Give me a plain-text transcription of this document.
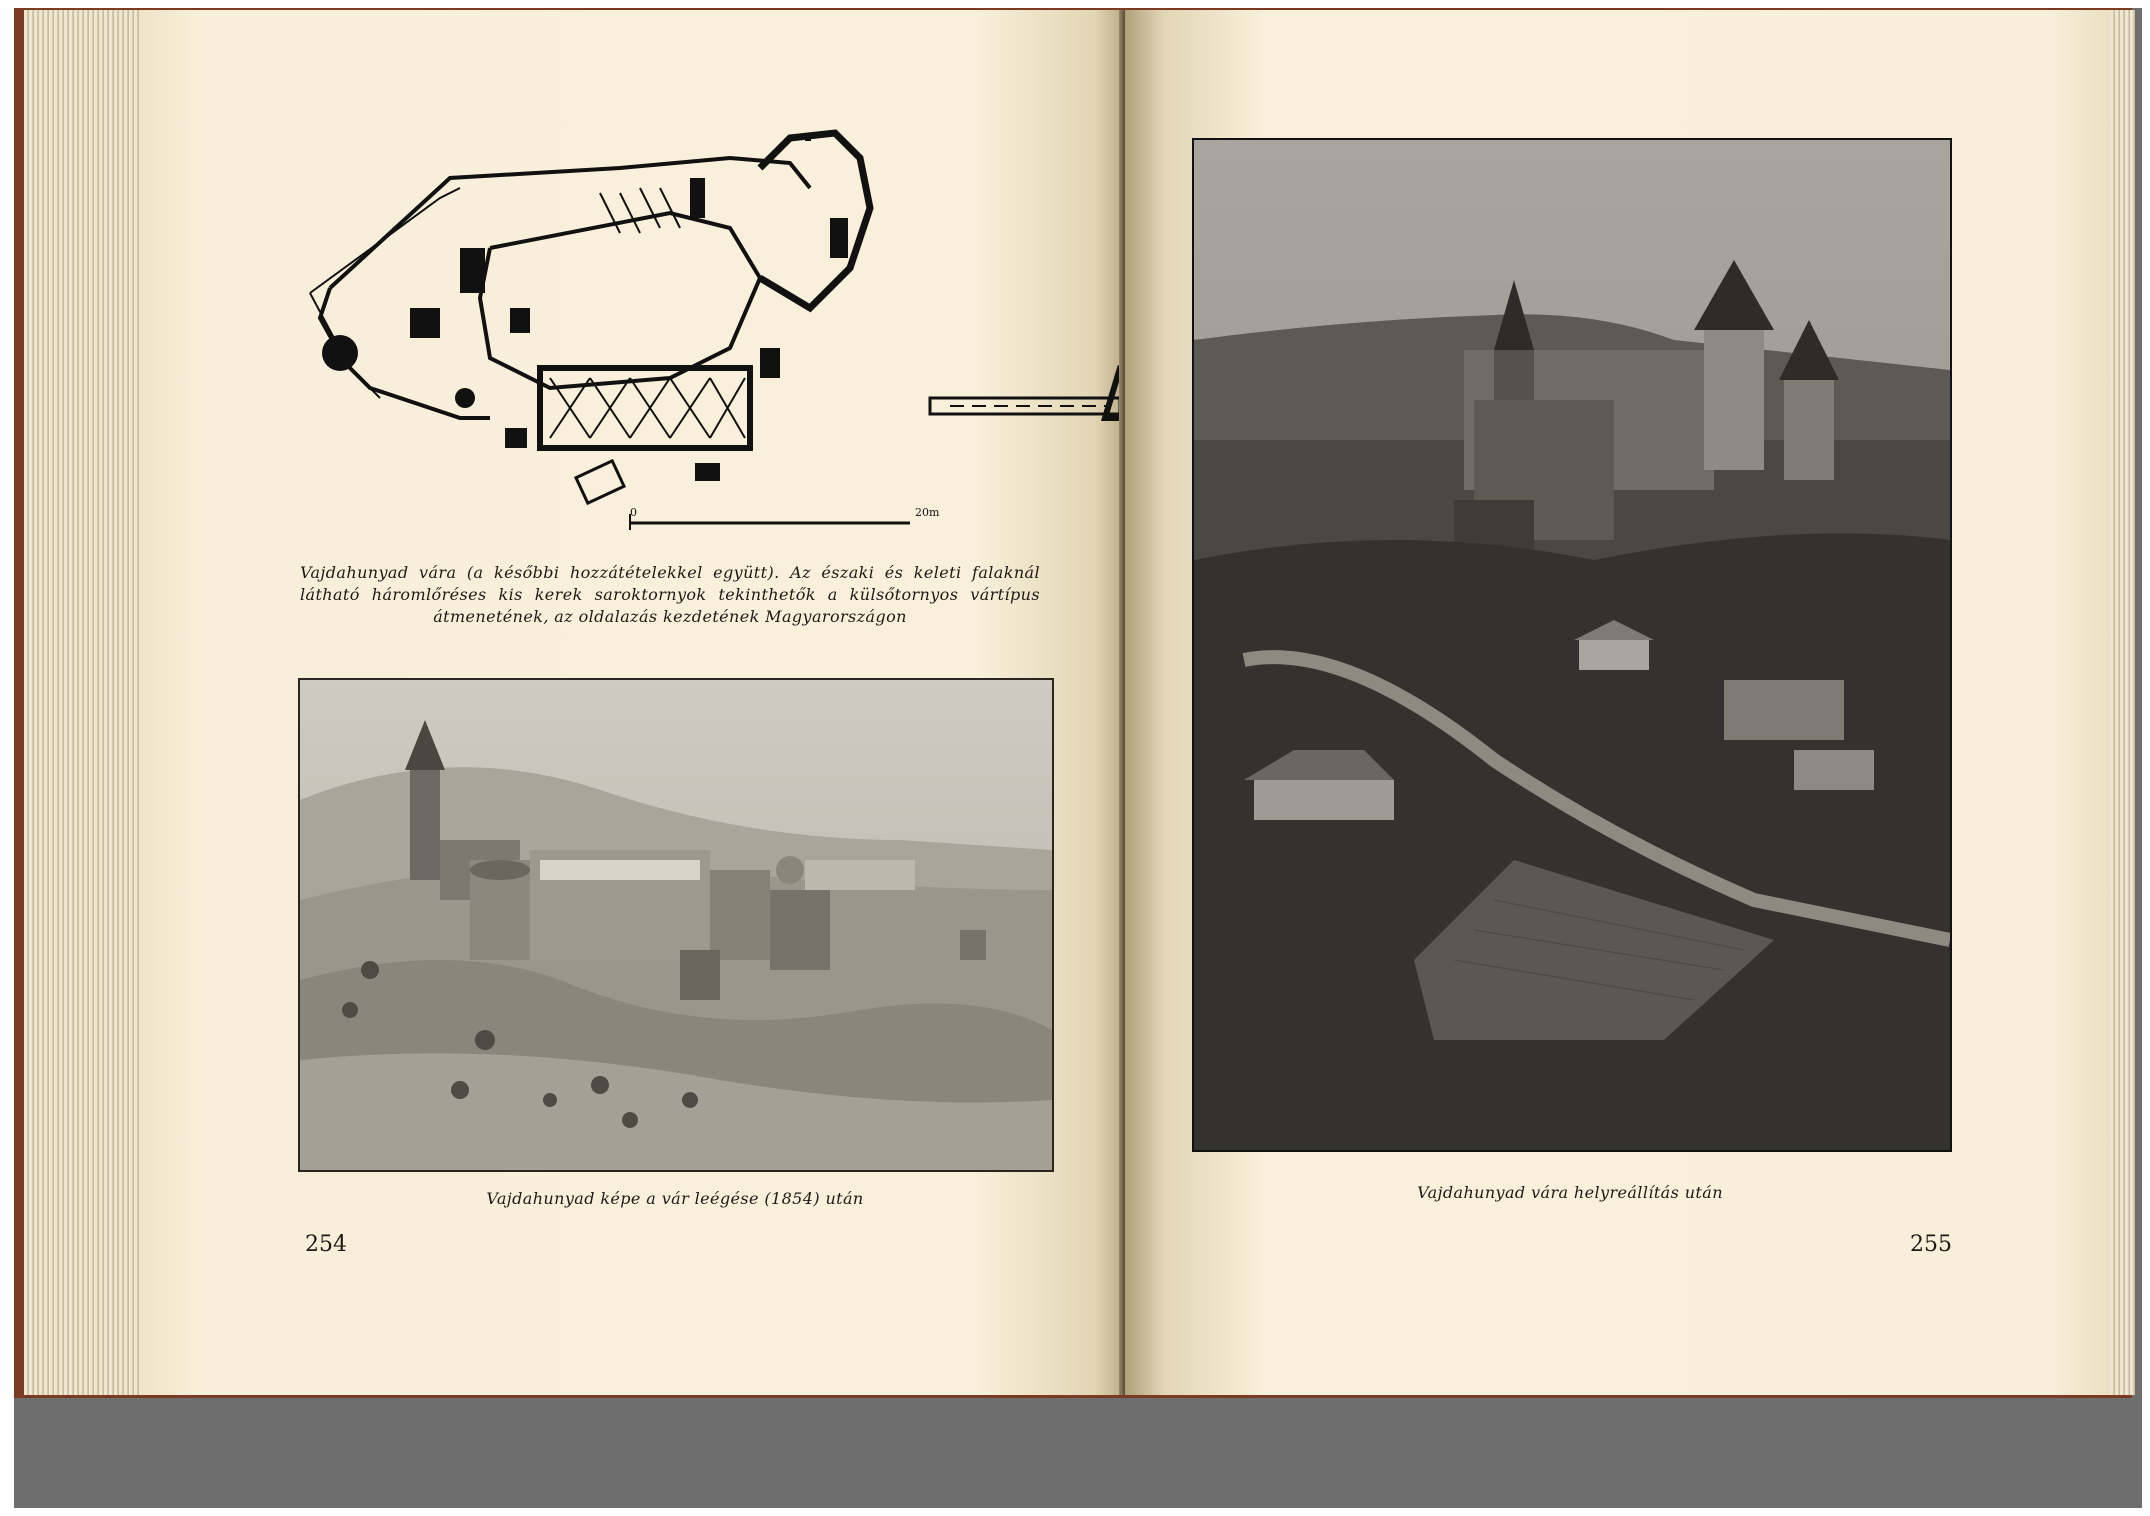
0	20m
Vajdahunyad vára (a későbbi hozzátételekkel együtt). Az északi és keleti falaknál látható háromlőréses kis kerek saroktornyok tekinthetők a külsőtornyos vártípus átmenetének, az oldalazás kezdetének Magyarországon
Vajdahunyad képe a vár leégése (1854) után
254
Vajdahunyad vára helyreállítás után
255
